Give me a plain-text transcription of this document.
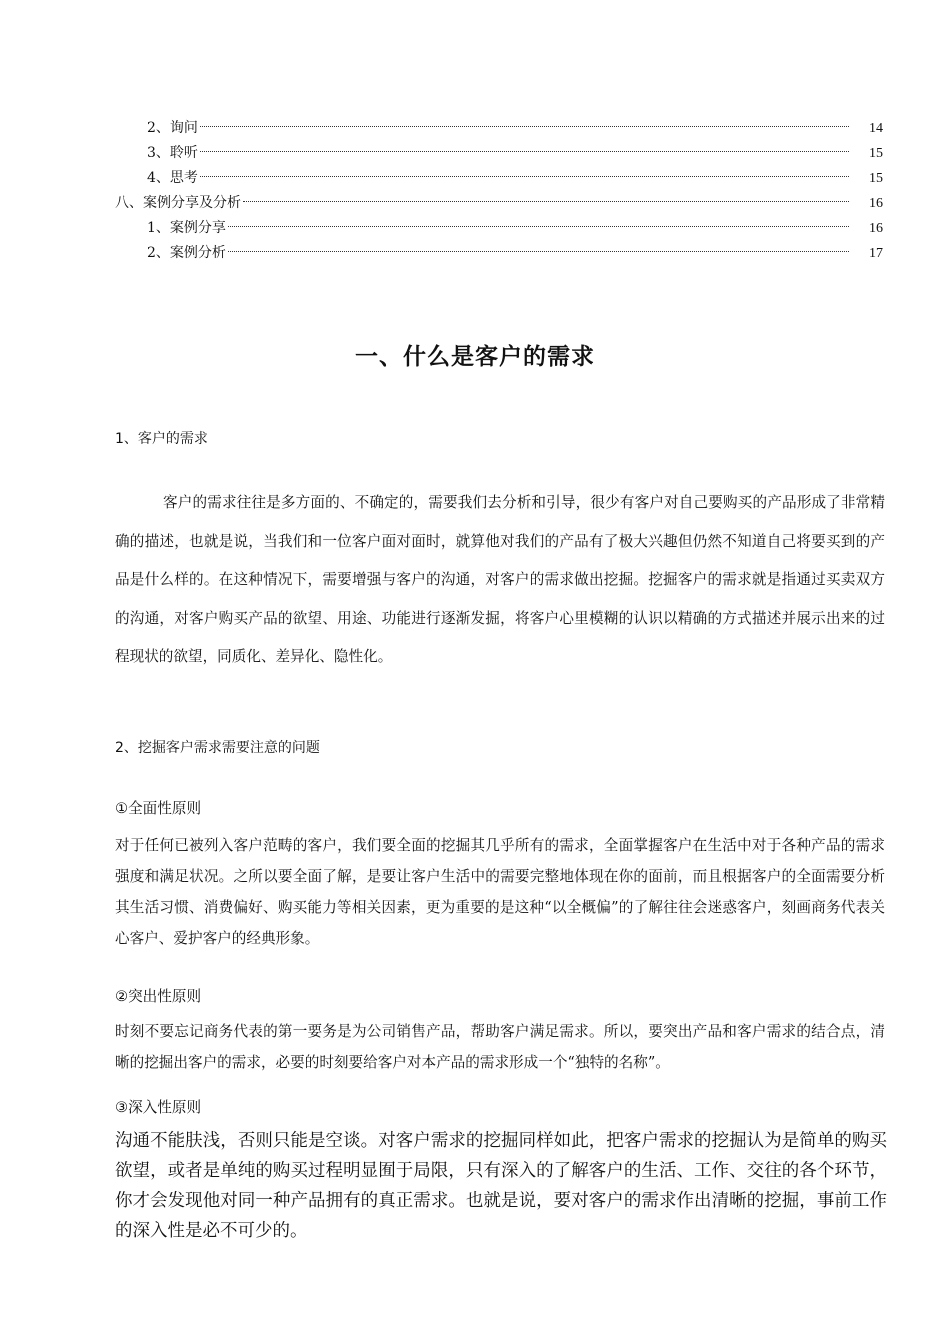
2、询问	14
3、聆听	15
4、思考	15
八、案例分享及分析	16
1、案例分享	16
2、案例分析	17
一、什么是客户的需求
1、客户的需求
客户的需求往往是多方面的、不确定的，需要我们去分析和引导，很少有客户对自己要购买的产品形成了非常精确的描述，也就是说，当我们和一位客户面对面时，就算他对我们的产品有了极大兴趣但仍然不知道自己将要买到的产品是什么样的。在这种情况下，需要增强与客户的沟通，对客户的需求做出挖掘。挖掘客户的需求就是指通过买卖双方的沟通，对客户购买产品的欲望、用途、功能进行逐渐发掘，将客户心里模糊的认识以精确的方式描述并展示出来的过程现状的欲望，同质化、差异化、隐性化。
2、挖掘客户需求需要注意的问题
①全面性原则
对于任何已被列入客户范畴的客户，我们要全面的挖掘其几乎所有的需求，全面掌握客户在生活中对于各种产品的需求强度和满足状况。之所以要全面了解，是要让客户生活中的需要完整地体现在你的面前，而且根据客户的全面需要分析其生活习惯、消费偏好、购买能力等相关因素，更为重要的是这种“以全概偏”的了解往往会迷惑客户，刻画商务代表关心客户、爱护客户的经典形象。
②突出性原则
时刻不要忘记商务代表的第一要务是为公司销售产品，帮助客户满足需求。所以，要突出产品和客户需求的结合点，清晰的挖掘出客户的需求，必要的时刻要给客户对本产品的需求形成一个“独特的名称”。
③深入性原则
沟通不能肤浅，否则只能是空谈。对客户需求的挖掘同样如此，把客户需求的挖掘认为是简单的购买欲望，或者是单纯的购买过程明显囿于局限，只有深入的了解客户的生活、工作、交往的各个环节，你才会发现他对同一种产品拥有的真正需求。也就是说，要对客户的需求作出清晰的挖掘，事前工作的深入性是必不可少的。
